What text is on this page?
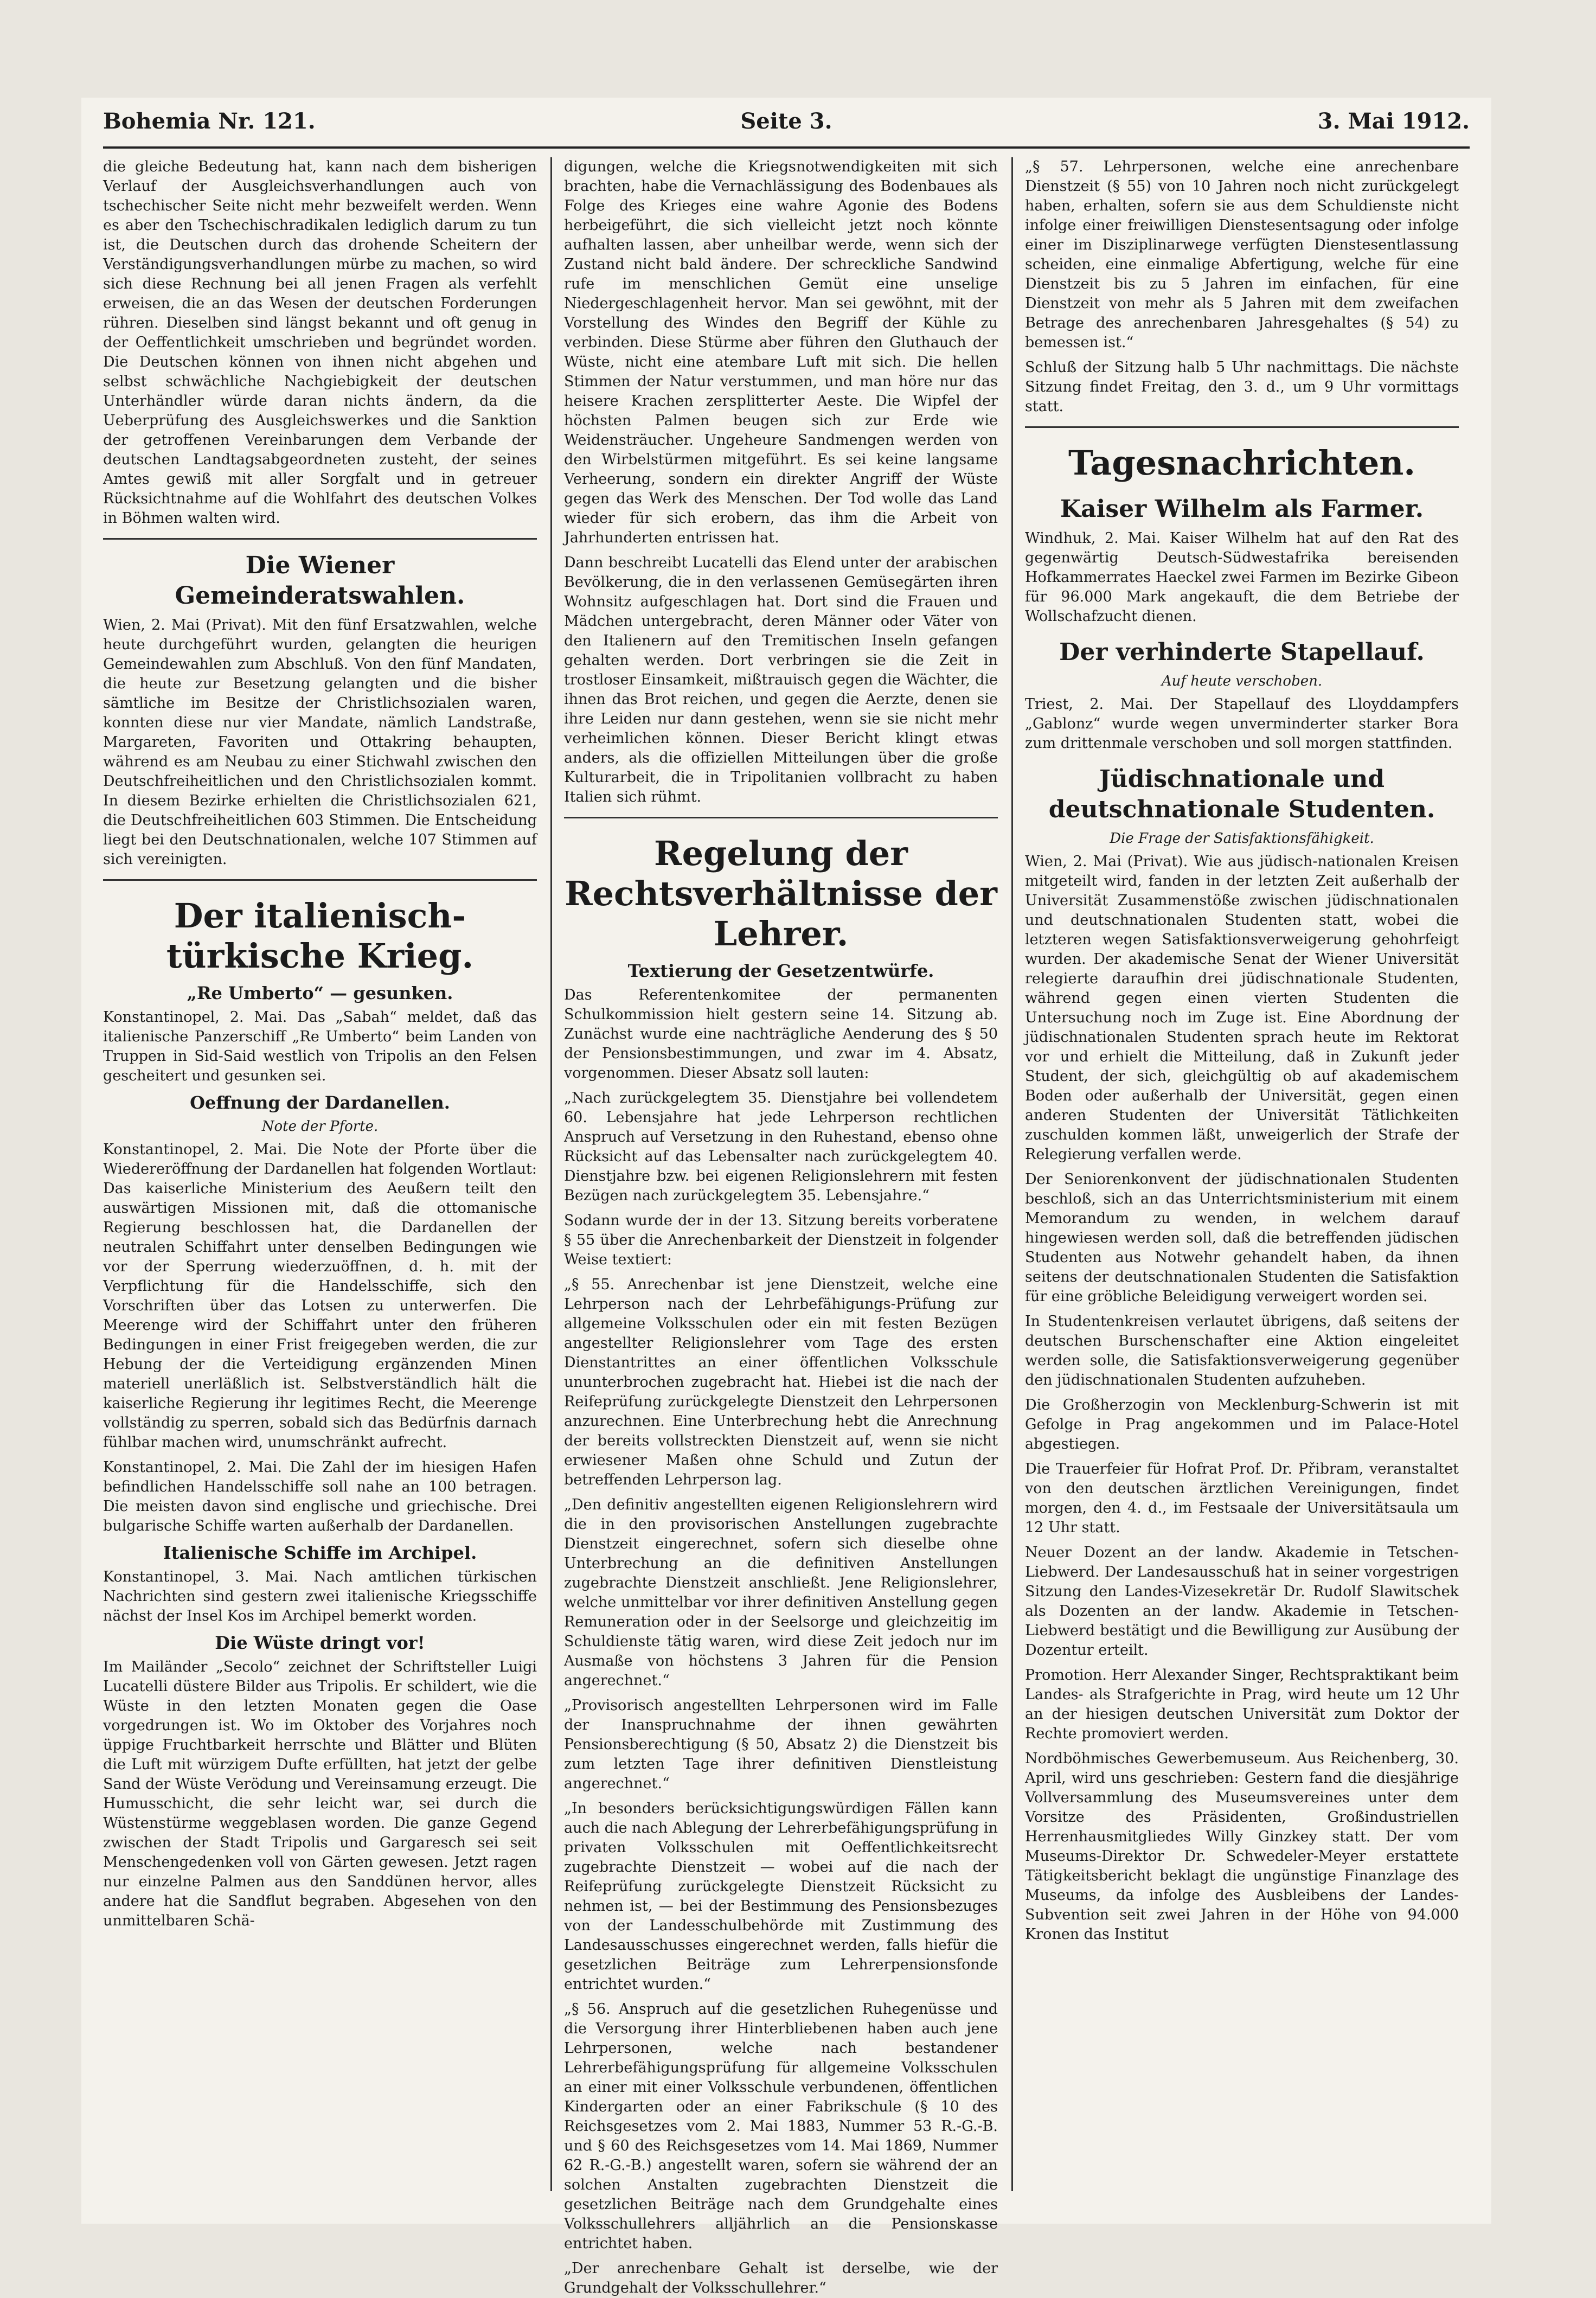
Bohemia Nr. 121.	Seite 3.	3. Mai 1912.

die gleiche Bedeutung hat, kann nach dem bisherigen Verlauf der Ausgleichsverhandlungen auch von tschechischer Seite nicht mehr bezweifelt werden. Wenn es aber den Tschechischradikalen lediglich darum zu tun ist, die Deutschen durch das drohende Scheitern der Verständigungsverhandlungen mürbe zu machen, so wird sich diese Rechnung bei all jenen Fragen als verfehlt erweisen, die an das Wesen der deutschen Forderungen rühren. Dieselben sind längst bekannt und oft genug in der Oeffentlichkeit umschrieben und begründet worden. Die Deutschen können von ihnen nicht abgehen und selbst schwächliche Nachgiebigkeit der deutschen Unterhändler würde daran nichts ändern, da die Ueberprüfung des Ausgleichswerkes und die Sanktion der getroffenen Vereinbarungen dem Verbande der deutschen Landtagsabgeordneten zusteht, der seines Amtes gewiß mit aller Sorgfalt und in getreuer Rücksichtnahme auf die Wohlfahrt des deutschen Volkes in Böhmen walten wird.

Die Wiener Gemeinderatswahlen.

Wien, 2. Mai (Privat). Mit den fünf Ersatzwahlen, welche heute durchgeführt wurden, gelangten die heurigen Gemeindewahlen zum Abschluß. Von den fünf Mandaten, die heute zur Besetzung gelangten und die bisher sämtliche im Besitze der Christlichsozialen waren, konnten diese nur vier Mandate, nämlich Landstraße, Margareten, Favoriten und Ottakring behaupten, während es am Neubau zu einer Stichwahl zwischen den Deutschfreiheitlichen und den Christlichsozialen kommt. In diesem Bezirke erhielten die Christlichsozialen 621, die Deutschfreiheitlichen 603 Stimmen. Die Entscheidung liegt bei den Deutschnationalen, welche 107 Stimmen auf sich vereinigten.

Der italienisch-türkische Krieg.
„Re Umberto“ — gesunken.

Konstantinopel, 2. Mai. Das „Sabah“ meldet, daß das italienische Panzerschiff „Re Umberto“ beim Landen von Truppen in Sid-Said westlich von Tripolis an den Felsen gescheitert und gesunken sei.

Oeffnung der Dardanellen.
Note der Pforte.

Konstantinopel, 2. Mai. Die Note der Pforte über die Wiedereröffnung der Dardanellen hat folgenden Wortlaut: Das kaiserliche Ministerium des Aeußern teilt den auswärtigen Missionen mit, daß die ottomanische Regierung beschlossen hat, die Dardanellen der neutralen Schiffahrt unter denselben Bedingungen wie vor der Sperrung wiederzuöffnen, d. h. mit der Verpflichtung für die Handelsschiffe, sich den Vorschriften über das Lotsen zu unterwerfen. Die Meerenge wird der Schiffahrt unter den früheren Bedingungen in einer Frist freigegeben werden, die zur Hebung der die Verteidigung ergänzenden Minen materiell unerläßlich ist. Selbstverständlich hält die kaiserliche Regierung ihr legitimes Recht, die Meerenge vollständig zu sperren, sobald sich das Bedürfnis darnach fühlbar machen wird, unumschränkt aufrecht.

Konstantinopel, 2. Mai. Die Zahl der im hiesigen Hafen befindlichen Handelsschiffe soll nahe an 100 betragen. Die meisten davon sind englische und griechische. Drei bulgarische Schiffe warten außerhalb der Dardanellen.

Italienische Schiffe im Archipel.

Konstantinopel, 3. Mai. Nach amtlichen türkischen Nachrichten sind gestern zwei italienische Kriegsschiffe nächst der Insel Kos im Archipel bemerkt worden.

Die Wüste dringt vor!

Im Mailänder „Secolo“ zeichnet der Schriftsteller Luigi Lucatelli düstere Bilder aus Tripolis. Er schildert, wie die Wüste in den letzten Monaten gegen die Oase vorgedrungen ist. Wo im Oktober des Vorjahres noch üppige Fruchtbarkeit herrschte und Blätter und Blüten die Luft mit würzigem Dufte erfüllten, hat jetzt der gelbe Sand der Wüste Verödung und Vereinsamung erzeugt. Die Humusschicht, die sehr leicht war, sei durch die Wüstenstürme weggeblasen worden. Die ganze Gegend zwischen der Stadt Tripolis und Gargaresch sei seit Menschengedenken voll von Gärten gewesen. Jetzt ragen nur einzelne Palmen aus den Sanddünen hervor, alles andere hat die Sandflut begraben. Abgesehen von den unmittelbaren Schä-

digungen, welche die Kriegsnotwendigkeiten mit sich brachten, habe die Vernachlässigung des Bodenbaues als Folge des Krieges eine wahre Agonie des Bodens herbeigeführt, die sich vielleicht jetzt noch könnte aufhalten lassen, aber unheilbar werde, wenn sich der Zustand nicht bald ändere. Der schreckliche Sandwind rufe im menschlichen Gemüt eine unselige Niedergeschlagenheit hervor. Man sei gewöhnt, mit der Vorstellung des Windes den Begriff der Kühle zu verbinden. Diese Stürme aber führen den Gluthauch der Wüste, nicht eine atembare Luft mit sich. Die hellen Stimmen der Natur verstummen, und man höre nur das heisere Krachen zersplitterter Aeste. Die Wipfel der höchsten Palmen beugen sich zur Erde wie Weidensträucher. Ungeheure Sandmengen werden von den Wirbelstürmen mitgeführt. Es sei keine langsame Verheerung, sondern ein direkter Angriff der Wüste gegen das Werk des Menschen. Der Tod wolle das Land wieder für sich erobern, das ihm die Arbeit von Jahrhunderten entrissen hat.

Dann beschreibt Lucatelli das Elend unter der arabischen Bevölkerung, die in den verlassenen Gemüsegärten ihren Wohnsitz aufgeschlagen hat. Dort sind die Frauen und Mädchen untergebracht, deren Männer oder Väter von den Italienern auf den Tremitischen Inseln gefangen gehalten werden. Dort verbringen sie die Zeit in trostloser Einsamkeit, mißtrauisch gegen die Wächter, die ihnen das Brot reichen, und gegen die Aerzte, denen sie ihre Leiden nur dann gestehen, wenn sie sie nicht mehr verheimlichen können. Dieser Bericht klingt etwas anders, als die offiziellen Mitteilungen über die große Kulturarbeit, die in Tripolitanien vollbracht zu haben Italien sich rühmt.

Regelung der Rechtsverhältnisse der Lehrer.
Textierung der Gesetzentwürfe.

Das Referentenkomitee der permanenten Schulkommission hielt gestern seine 14. Sitzung ab. Zunächst wurde eine nachträgliche Aenderung des § 50 der Pensionsbestimmungen, und zwar im 4. Absatz, vorgenommen. Dieser Absatz soll lauten:

„Nach zurückgelegtem 35. Dienstjahre bei vollendetem 60. Lebensjahre hat jede Lehrperson rechtlichen Anspruch auf Versetzung in den Ruhestand, ebenso ohne Rücksicht auf das Lebensalter nach zurückgelegtem 40. Dienstjahre bzw. bei eigenen Religionslehrern mit festen Bezügen nach zurückgelegtem 35. Lebensjahre.“

Sodann wurde der in der 13. Sitzung bereits vorberatene § 55 über die Anrechenbarkeit der Dienstzeit in folgender Weise textiert:

„§ 55. Anrechenbar ist jene Dienstzeit, welche eine Lehrperson nach der Lehrbefähigungs-Prüfung zur allgemeine Volksschulen oder ein mit festen Bezügen angestellter Religionslehrer vom Tage des ersten Dienstantrittes an einer öffentlichen Volksschule ununterbrochen zugebracht hat. Hiebei ist die nach der Reifeprüfung zurückgelegte Dienstzeit den Lehrpersonen anzurechnen. Eine Unterbrechung hebt die Anrechnung der bereits vollstreckten Dienstzeit auf, wenn sie nicht erwiesener Maßen ohne Schuld und Zutun der betreffenden Lehrperson lag.

„Den definitiv angestellten eigenen Religionslehrern wird die in den provisorischen Anstellungen zugebrachte Dienstzeit eingerechnet, sofern sich dieselbe ohne Unterbrechung an die definitiven Anstellungen zugebrachte Dienstzeit anschließt. Jene Religionslehrer, welche unmittelbar vor ihrer definitiven Anstellung gegen Remuneration oder in der Seelsorge und gleichzeitig im Schuldienste tätig waren, wird diese Zeit jedoch nur im Ausmaße von höchstens 3 Jahren für die Pension angerechnet.“

„Provisorisch angestellten Lehrpersonen wird im Falle der Inanspruchnahme der ihnen gewährten Pensionsberechtigung (§ 50, Absatz 2) die Dienstzeit bis zum letzten Tage ihrer definitiven Dienstleistung angerechnet.“

„In besonders berücksichtigungswürdigen Fällen kann auch die nach Ablegung der Lehrerbefähigungsprüfung in privaten Volksschulen mit Oeffentlichkeitsrecht zugebrachte Dienstzeit — wobei auf die nach der Reifeprüfung zurückgelegte Dienstzeit Rücksicht zu nehmen ist, — bei der Bestimmung des Pensionsbezuges von der Landesschulbehörde mit Zustimmung des Landesausschusses eingerechnet werden, falls hiefür die gesetzlichen Beiträge zum Lehrerpensionsfonde entrichtet wurden.“

„§ 56. Anspruch auf die gesetzlichen Ruhegenüsse und die Versorgung ihrer Hinterbliebenen haben auch jene Lehrpersonen, welche nach bestandener Lehrerbefähigungsprüfung für allgemeine Volksschulen an einer mit einer Volksschule verbundenen, öffentlichen Kindergarten oder an einer Fabrikschule (§ 10 des Reichsgesetzes vom 2. Mai 1883, Nummer 53 R.-G.-B. und § 60 des Reichsgesetzes vom 14. Mai 1869, Nummer 62 R.-G.-B.) angestellt waren, sofern sie während der an solchen Anstalten zugebrachten Dienstzeit die gesetzlichen Beiträge nach dem Grundgehalte eines Volksschullehrers alljährlich an die Pensionskasse entrichtet haben.

„Der anrechenbare Gehalt ist derselbe, wie der Grundgehalt der Volksschullehrer.“

„§ 57. Lehrpersonen, welche eine anrechenbare Dienstzeit (§ 55) von 10 Jahren noch nicht zurückgelegt haben, erhalten, sofern sie aus dem Schuldienste nicht infolge einer freiwilligen Dienstesentsagung oder infolge einer im Disziplinarwege verfügten Dienstesentlassung scheiden, eine einmalige Abfertigung, welche für eine Dienstzeit bis zu 5 Jahren im einfachen, für eine Dienstzeit von mehr als 5 Jahren mit dem zweifachen Betrage des anrechenbaren Jahresgehaltes (§ 54) zu bemessen ist.“

Schluß der Sitzung halb 5 Uhr nachmittags. Die nächste Sitzung findet Freitag, den 3. d., um 9 Uhr vormittags statt.

Tagesnachrichten.
Kaiser Wilhelm als Farmer.

Windhuk, 2. Mai. Kaiser Wilhelm hat auf den Rat des gegenwärtig Deutsch-Südwestafrika bereisenden Hofkammerrates Haeckel zwei Farmen im Bezirke Gibeon für 96.000 Mark angekauft, die dem Betriebe der Wollschafzucht dienen.

Der verhinderte Stapellauf.
Auf heute verschoben.

Triest, 2. Mai. Der Stapellauf des Lloyddampfers „Gablonz“ wurde wegen unverminderter starker Bora zum drittenmale verschoben und soll morgen stattfinden.

Jüdischnationale und deutschnationale Studenten.
Die Frage der Satisfaktionsfähigkeit.

Wien, 2. Mai (Privat). Wie aus jüdisch-nationalen Kreisen mitgeteilt wird, fanden in der letzten Zeit außerhalb der Universität Zusammenstöße zwischen jüdischnationalen und deutschnationalen Studenten statt, wobei die letzteren wegen Satisfaktionsverweigerung gehohrfeigt wurden. Der akademische Senat der Wiener Universität relegierte daraufhin drei jüdischnationale Studenten, während gegen einen vierten Studenten die Untersuchung noch im Zuge ist. Eine Abordnung der jüdischnationalen Studenten sprach heute im Rektorat vor und erhielt die Mitteilung, daß in Zukunft jeder Student, der sich, gleichgültig ob auf akademischem Boden oder außerhalb der Universität, gegen einen anderen Studenten der Universität Tätlichkeiten zuschulden kommen läßt, unweigerlich der Strafe der Relegierung verfallen werde.

Der Seniorenkonvent der jüdischnationalen Studenten beschloß, sich an das Unterrichtsministerium mit einem Memorandum zu wenden, in welchem darauf hingewiesen werden soll, daß die betreffenden jüdischen Studenten aus Notwehr gehandelt haben, da ihnen seitens der deutschnationalen Studenten die Satisfaktion für eine gröbliche Beleidigung verweigert worden sei.

In Studentenkreisen verlautet übrigens, daß seitens der deutschen Burschenschafter eine Aktion eingeleitet werden solle, die Satisfaktionsverweigerung gegenüber den jüdischnationalen Studenten aufzuheben.

Die Großherzogin von Mecklenburg-Schwerin ist mit Gefolge in Prag angekommen und im Palace-Hotel abgestiegen.

Die Trauerfeier für Hofrat Prof. Dr. Přibram, veranstaltet von den deutschen ärztlichen Vereinigungen, findet morgen, den 4. d., im Festsaale der Universitätsaula um 12 Uhr statt.

Neuer Dozent an der landw. Akademie in Tetschen-Liebwerd. Der Landesausschuß hat in seiner vorgestrigen Sitzung den Landes-Vizesekretär Dr. Rudolf Slawitschek als Dozenten an der landw. Akademie in Tetschen-Liebwerd bestätigt und die Bewilligung zur Ausübung der Dozentur erteilt.

Promotion. Herr Alexander Singer, Rechtspraktikant beim Landes- als Strafgerichte in Prag, wird heute um 12 Uhr an der hiesigen deutschen Universität zum Doktor der Rechte promoviert werden.

Nordböhmisches Gewerbemuseum. Aus Reichenberg, 30. April, wird uns geschrieben: Gestern fand die diesjährige Vollversammlung des Museumsvereines unter dem Vorsitze des Präsidenten, Großindustriellen Herrenhausmitgliedes Willy Ginzkey statt. Der vom Museums-Direktor Dr. Schwedeler-Meyer erstattete Tätigkeitsbericht beklagt die ungünstige Finanzlage des Museums, da infolge des Ausbleibens der Landes-Subvention seit zwei Jahren in der Höhe von 94.000 Kronen das Institut
